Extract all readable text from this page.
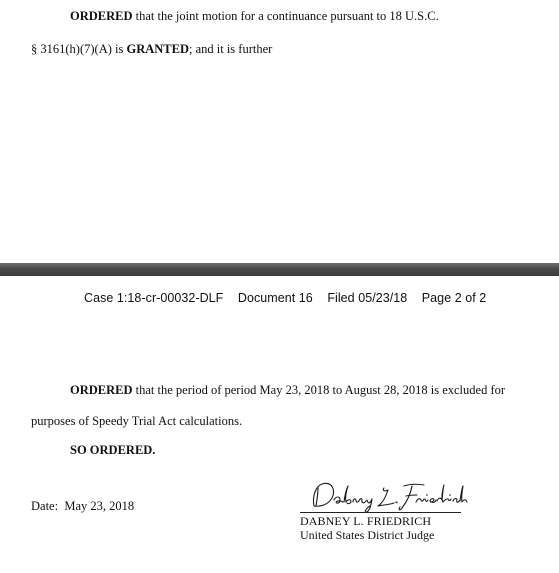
ORDERED that the joint motion for a continuance pursuant to 18 U.S.C.
§ 3161(h)(7)(A) is GRANTED; and it is further
Case 1:18-cr-00032-DLF Document 16 Filed 05/23/18 Page 2 of 2
ORDERED that the period of period May 23, 2018 to August 28, 2018 is excluded for
purposes of Speedy Trial Act calculations.
SO ORDERED.
Date: May 23, 2018
DABNEY L. FRIEDRICH
United States District Judge
